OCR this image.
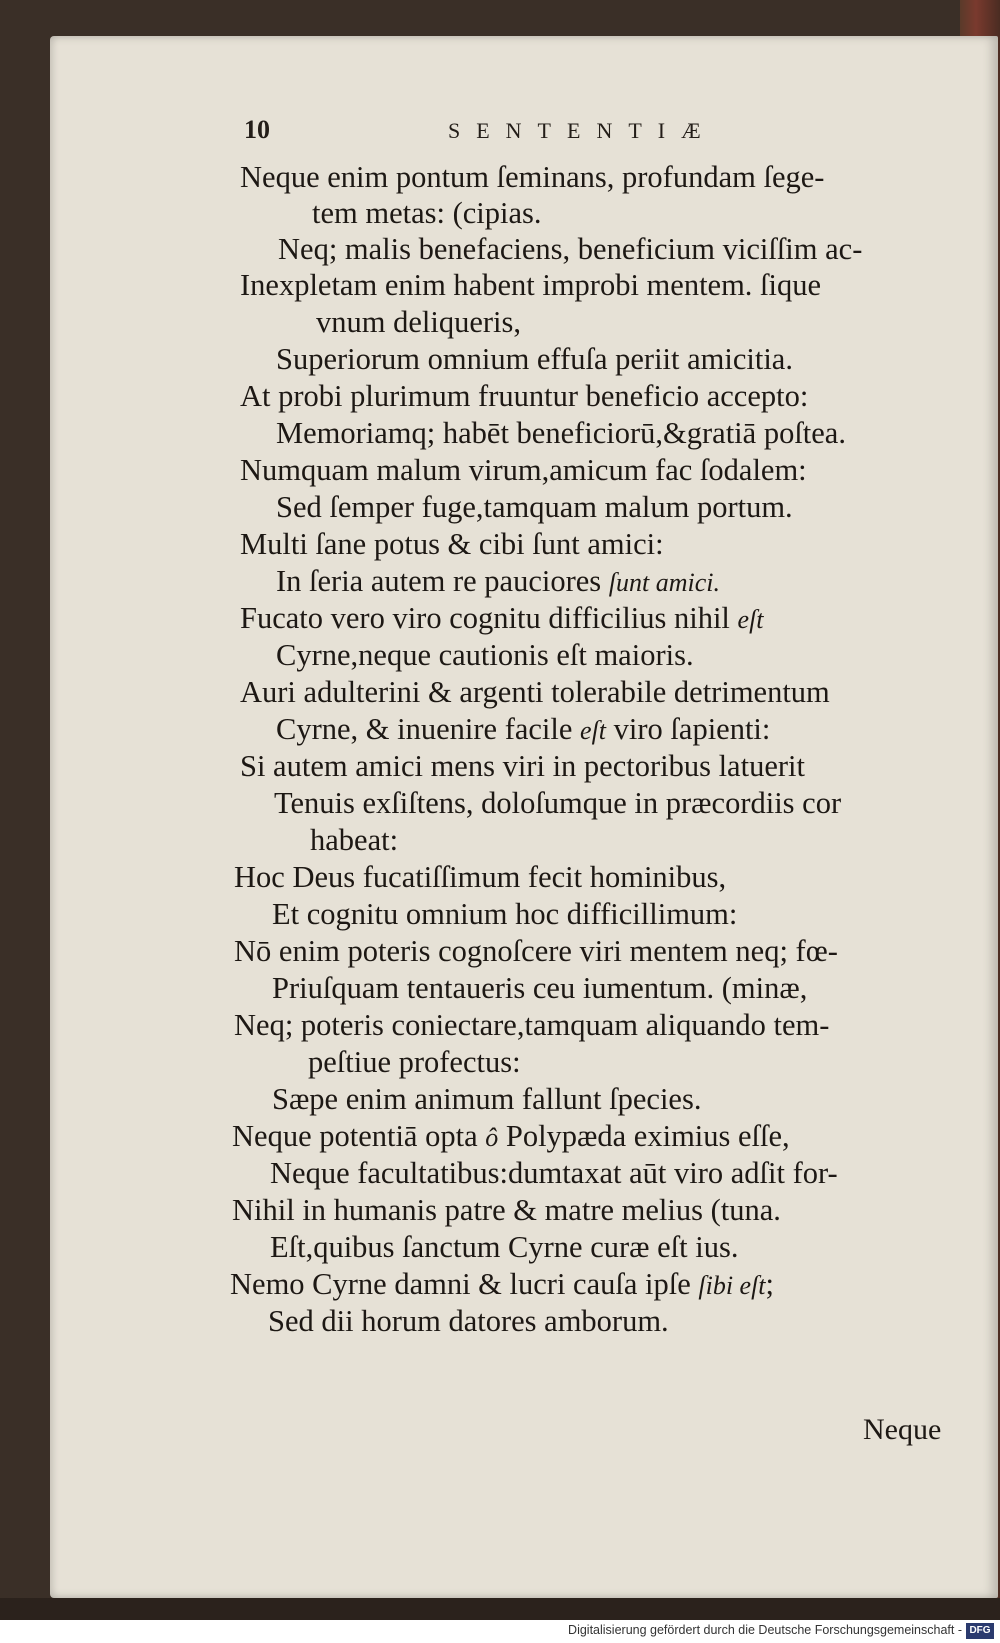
10	SENTENTIÆ
Neque enim pontum ſeminans, profundam ſege-
tem metas: (cipias.
Neq; malis benefaciens, beneficium viciſſim ac-
Inexpletam enim habent improbi mentem. ſique
vnum deliqueris,
Superiorum omnium effuſa periit amicitia.
At probi plurimum fruuntur beneficio accepto:
Memoriamq; habēt beneficiorū,&gratiā poſtea.
Numquam malum virum,amicum fac ſodalem:
Sed ſemper fuge,tamquam malum portum.
Multi ſane potus & cibi ſunt amici:
In ſeria autem re pauciores ſunt amici.
Fucato vero viro cognitu difficilius nihil eſt
Cyrne,neque cautionis eſt maioris.
Auri adulterini & argenti tolerabile detrimentum
Cyrne, & inuenire facile eſt viro ſapienti:
Si autem amici mens viri in pectoribus latuerit
Tenuis exſiſtens, doloſumque in præcordiis cor
habeat:
Hoc Deus fucatiſſimum fecit hominibus,
Et cognitu omnium hoc difficillimum:
Nō enim poteris cognoſcere viri mentem neq; fœ-
Priuſquam tentaueris ceu iumentum. (minæ,
Neq; poteris coniectare,tamquam aliquando tem-
peſtiue profectus:
Sæpe enim animum fallunt ſpecies.
Neque potentiā opta ô Polypæda eximius eſſe,
Neque facultatibus:dumtaxat aūt viro adſit for-
Nihil in humanis patre & matre melius (tuna.
Eſt,quibus ſanctum Cyrne curæ eſt ius.
Nemo Cyrne damni & lucri cauſa ipſe ſibi eſt;
Sed dii horum datores amborum.
Neque
Digitalisierung gefördert durch die Deutsche Forschungsgemeinschaft - DFG
